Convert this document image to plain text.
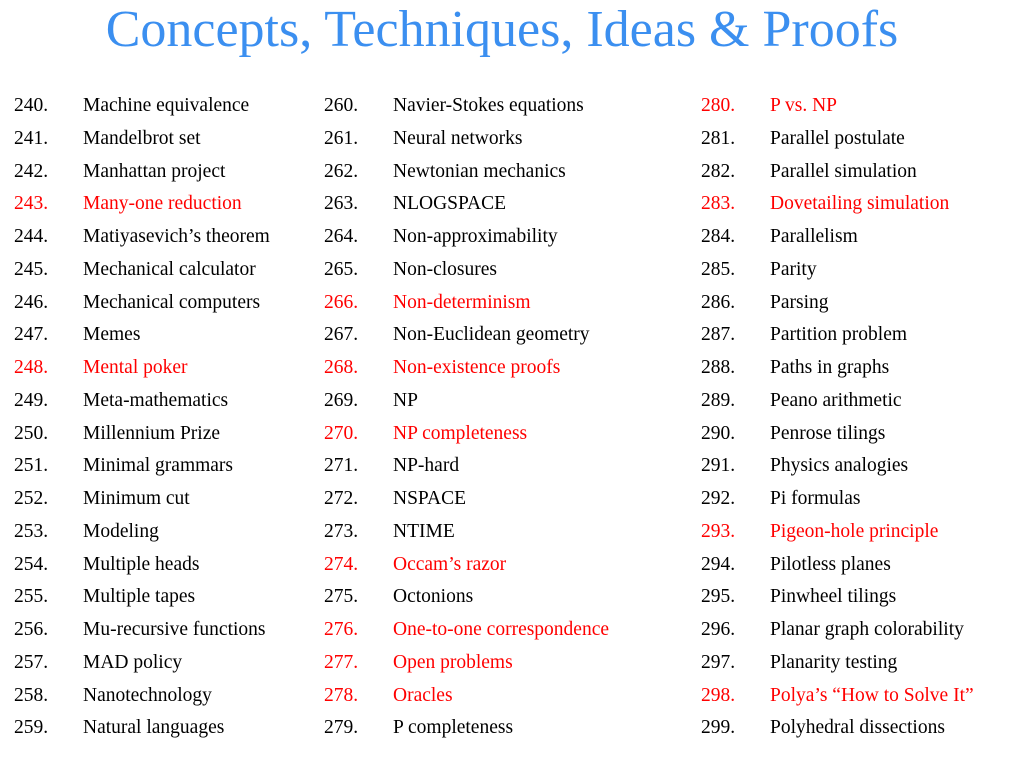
Concepts, Techniques, Ideas & Proofs
240. Machine equivalence
241. Mandelbrot set
242. Manhattan project
243. Many-one reduction
244. Matiyasevich’s theorem
245. Mechanical calculator
246. Mechanical computers
247. Memes
248. Mental poker
249. Meta-mathematics
250. Millennium Prize
251. Minimal grammars
252. Minimum cut
253. Modeling
254. Multiple heads
255. Multiple tapes
256. Mu-recursive functions
257. MAD policy
258. Nanotechnology
259. Natural languages
260. Navier-Stokes equations
261. Neural networks
262. Newtonian mechanics
263. NLOGSPACE
264. Non-approximability
265. Non-closures
266. Non-determinism
267. Non-Euclidean geometry
268. Non-existence proofs
269. NP
270. NP completeness
271. NP-hard
272. NSPACE
273. NTIME
274. Occam’s razor
275. Octonions
276. One-to-one correspondence
277. Open problems
278. Oracles
279. P completeness
280. P vs. NP
281. Parallel postulate
282. Parallel simulation
283. Dovetailing simulation
284. Parallelism
285. Parity
286. Parsing
287. Partition problem
288. Paths in graphs
289. Peano arithmetic
290. Penrose tilings
291. Physics analogies
292. Pi formulas
293. Pigeon-hole principle
294. Pilotless planes
295. Pinwheel tilings
296. Planar graph colorability
297. Planarity testing
298. Polya’s “How to Solve It”
299. Polyhedral dissections
